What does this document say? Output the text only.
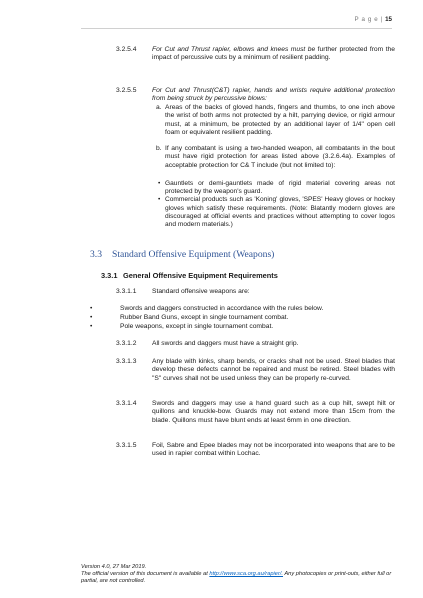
P a g e | 15
3.2.5.4 For Cut and Thrust rapier, elbows and knees must be further protected from the impact of percussive cuts by a minimum of resilient padding.

3.2.5.5 For Cut and Thrust(C&T) rapier, hands and wrists require additional protection from being struck by percussive blows:

a. Areas of the backs of gloved hands, fingers and thumbs, to one inch above the wrist of both arms not protected by a hilt, parrying device, or rigid armour must, at a minimum, be protected by an additional layer of 1/4" open cell foam or equivalent resilient padding.
b. If any combatant is using a two-handed weapon, all combatants in the bout must have rigid protection for areas listed above (3.2.6.4a). Examples of acceptable protection for C& T include (but not limited to):
• Gauntlets or demi-gauntlets made of rigid material covering areas not protected by the weapon's guard.
• Commercial products such as 'Koning' gloves, 'SPES' Heavy gloves or hockey gloves which satisfy these requirements. (Note: Blatantly modern gloves are discouraged at official events and practices without attempting to cover logos and modern materials.)
3.3 Standard Offensive Equipment (Weapons)
3.3.1 General Offensive Equipment Requirements
3.3.1.1 Standard offensive weapons are:

•	Swords and daggers constructed in accordance with the rules below.
•	Rubber Band Guns, except in single tournament combat.
•	Pole weapons, except in single tournament combat.
3.3.1.2 All swords and daggers must have a straight grip.

3.3.1.3 Any blade with kinks, sharp bends, or cracks shall not be used. Steel blades that develop these defects cannot be repaired and must be retired. Steel blades with "S" curves shall not be used unless they can be properly re-curved.

3.3.1.4 Swords and daggers may use a hand guard such as a cup hilt, swept hilt or quillons and knuckle-bow. Guards may not extend more than 15cm from the blade. Quillons must have blunt ends at least 6mm in one direction.

3.3.1.5 Foil, Sabre and Epee blades may not be incorporated into weapons that are to be used in rapier combat within Lochac.

Version 4.0, 27 Mar 2019.
The official version of this document is available at http://www.sca.org.au/rapier/. Any photocopies or print-outs, either full or partial, are not controlled.
